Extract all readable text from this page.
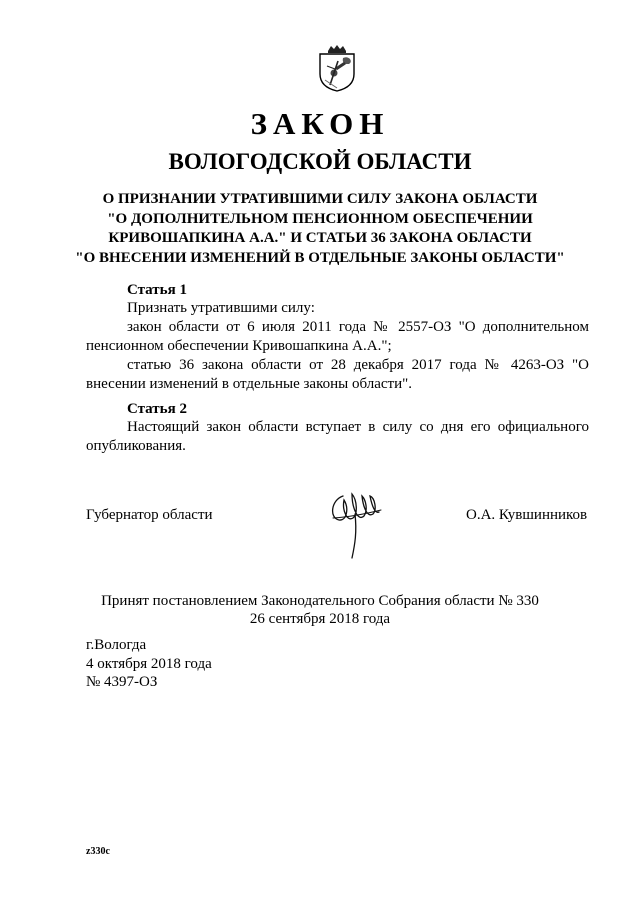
ЗАКОН
ВОЛОГОДСКОЙ ОБЛАСТИ
О ПРИЗНАНИИ УТРАТИВШИМИ СИЛУ ЗАКОНА ОБЛАСТИ
"О ДОПОЛНИТЕЛЬНОМ ПЕНСИОННОМ ОБЕСПЕЧЕНИИ
КРИВОШАПКИНА А.А." И СТАТЬИ 36 ЗАКОНА ОБЛАСТИ
"О ВНЕСЕНИИ ИЗМЕНЕНИЙ В ОТДЕЛЬНЫЕ ЗАКОНЫ ОБЛАСТИ"
Статья 1
Признать утратившими силу:
закон области от 6 июля 2011 года № 2557-ОЗ "О дополнительном пенсионном обеспечении Кривошапкина А.А.";
статью 36 закона области от 28 декабря 2017 года № 4263-ОЗ "О внесении изменений в отдельные законы области".
Статья 2
Настоящий закон области вступает в силу со дня его официального опубликования.
Губернатор области	О.А. Кувшинников
Принят постановлением Законодательного Собрания области № 330
26 сентября 2018 года
г.Вологда
4 октября 2018 года
№ 4397-ОЗ
z330c
